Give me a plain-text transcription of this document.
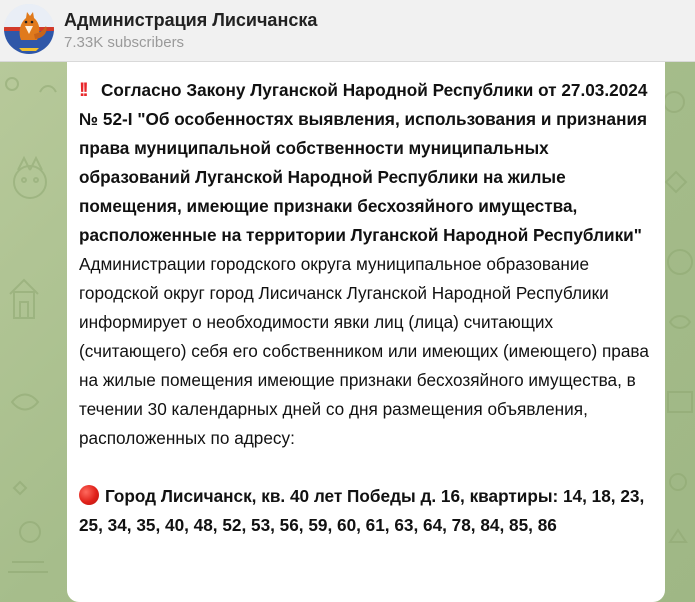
Администрация Лисичанска
7.33K subscribers

!! Согласно Закону Луганской Народной Республики от 27.03.2024 № 52-I "Об особенностях выявления, использования и признания права муниципальной собственности муниципальных образований Луганской Народной Республики на жилые помещения, имеющие признаки бесхозяйного имущества, расположенные на территории Луганской Народной Республики" Администрации городского округа муниципальное образование городской округ город Лисичанск Луганской Народной Республики информирует о необходимости явки лиц (лица) считающих (считающего) себя его собственником или имеющих (имеющего) права на жилые помещения имеющие признаки бесхозяйного имущества, в течении 30 календарных дней со дня размещения объявления, расположенных по адресу:

Город Лисичанск, кв. 40 лет Победы д. 16, квартиры: 14, 18, 23, 25, 34, 35, 40, 48, 52, 53, 56, 59, 60, 61, 63, 64, 78, 84, 85, 86
